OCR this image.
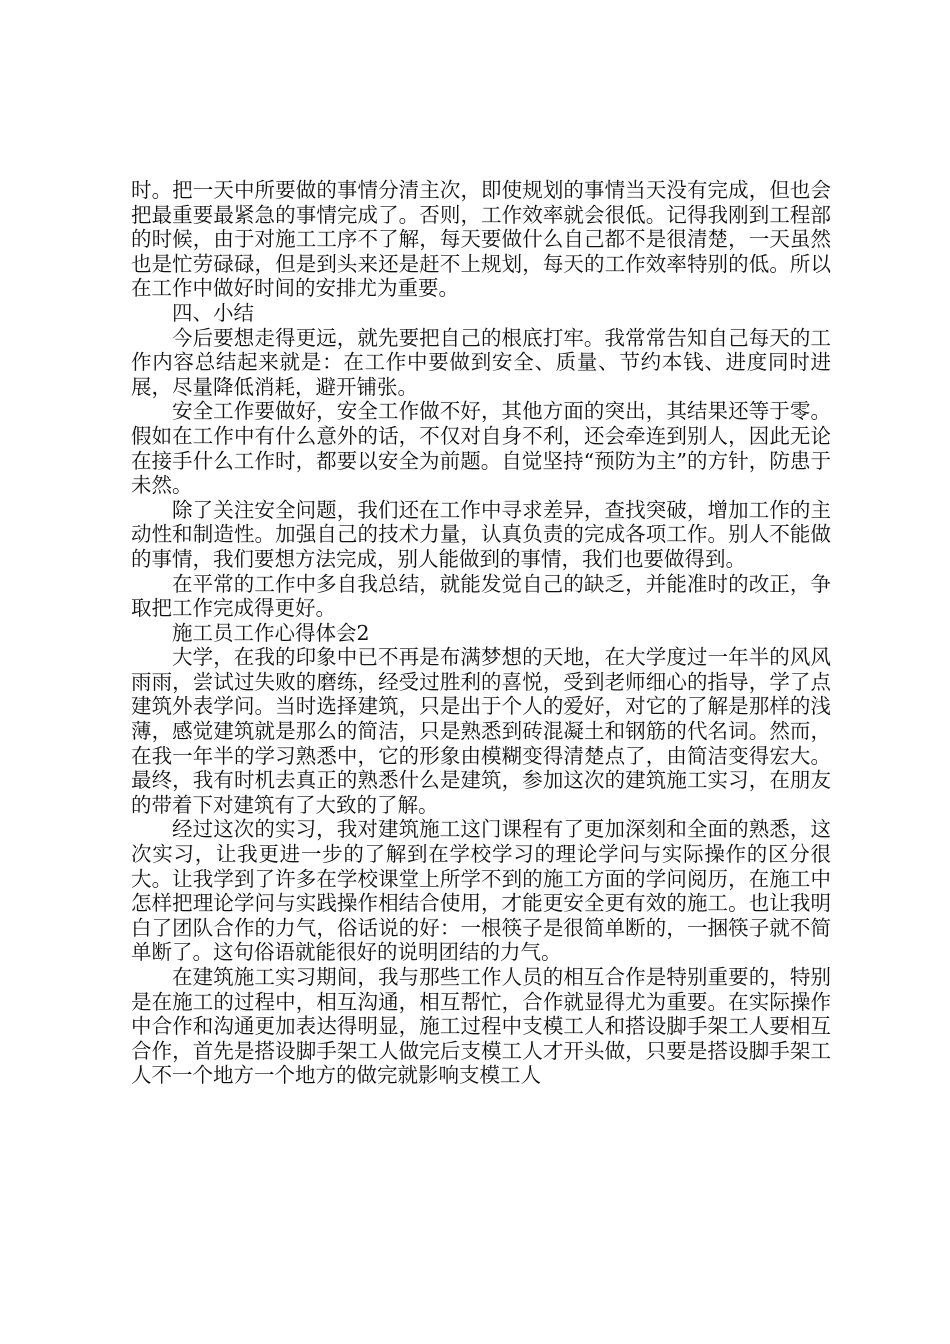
时。把一天中所要做的事情分清主次，即使规划的事情当天没有完成，但也会把最重要最紧急的事情完成了。否则，工作效率就会很低。记得我刚到工程部的时候，由于对施工工序不了解，每天要做什么自己都不是很清楚，一天虽然也是忙劳碌碌，但是到头来还是赶不上规划，每天的工作效率特别的低。所以在工作中做好时间的安排尤为重要。

四、小结

今后要想走得更远，就先要把自己的根底打牢。我常常告知自己每天的工作内容总结起来就是：在工作中要做到安全、质量、节约本钱、进度同时进展，尽量降低消耗，避开铺张。

安全工作要做好，安全工作做不好，其他方面的突出，其结果还等于零。假如在工作中有什么意外的话，不仅对自身不利，还会牵连到别人，因此无论在接手什么工作时，都要以安全为前题。自觉坚持“预防为主”的方针，防患于未然。

除了关注安全问题，我们还在工作中寻求差异，查找突破，增加工作的主动性和制造性。加强自己的技术力量，认真负责的完成各项工作。别人不能做的事情，我们要想方法完成，别人能做到的事情，我们也要做得到。

在平常的工作中多自我总结，就能发觉自己的缺乏，并能准时的改正，争取把工作完成得更好。

施工员工作心得体会2

大学，在我的印象中已不再是布满梦想的天地，在大学度过一年半的风风雨雨，尝试过失败的磨练，经受过胜利的喜悦，受到老师细心的指导，学了点建筑外表学问。当时选择建筑，只是出于个人的爱好，对它的了解是那样的浅薄，感觉建筑就是那么的简洁，只是熟悉到砖混凝土和钢筋的代名词。然而，在我一年半的学习熟悉中，它的形象由模糊变得清楚点了，由简洁变得宏大。最终，我有时机去真正的熟悉什么是建筑，参加这次的建筑施工实习，在朋友的带着下对建筑有了大致的了解。

经过这次的实习，我对建筑施工这门课程有了更加深刻和全面的熟悉，这次实习，让我更进一步的了解到在学校学习的理论学问与实际操作的区分很大。让我学到了许多在学校课堂上所学不到的施工方面的学问阅历，在施工中怎样把理论学问与实践操作相结合使用，才能更安全更有效的施工。也让我明白了团队合作的力气，俗话说的好：一根筷子是很简单断的，一捆筷子就不简单断了。这句俗语就能很好的说明团结的力气。

在建筑施工实习期间，我与那些工作人员的相互合作是特别重要的，特别是在施工的过程中，相互沟通，相互帮忙，合作就显得尤为重要。在实际操作中合作和沟通更加表达得明显，施工过程中支模工人和搭设脚手架工人要相互合作，首先是搭设脚手架工人做完后支模工人才开头做，只要是搭设脚手架工人不一个地方一个地方的做完就影响支模工人
